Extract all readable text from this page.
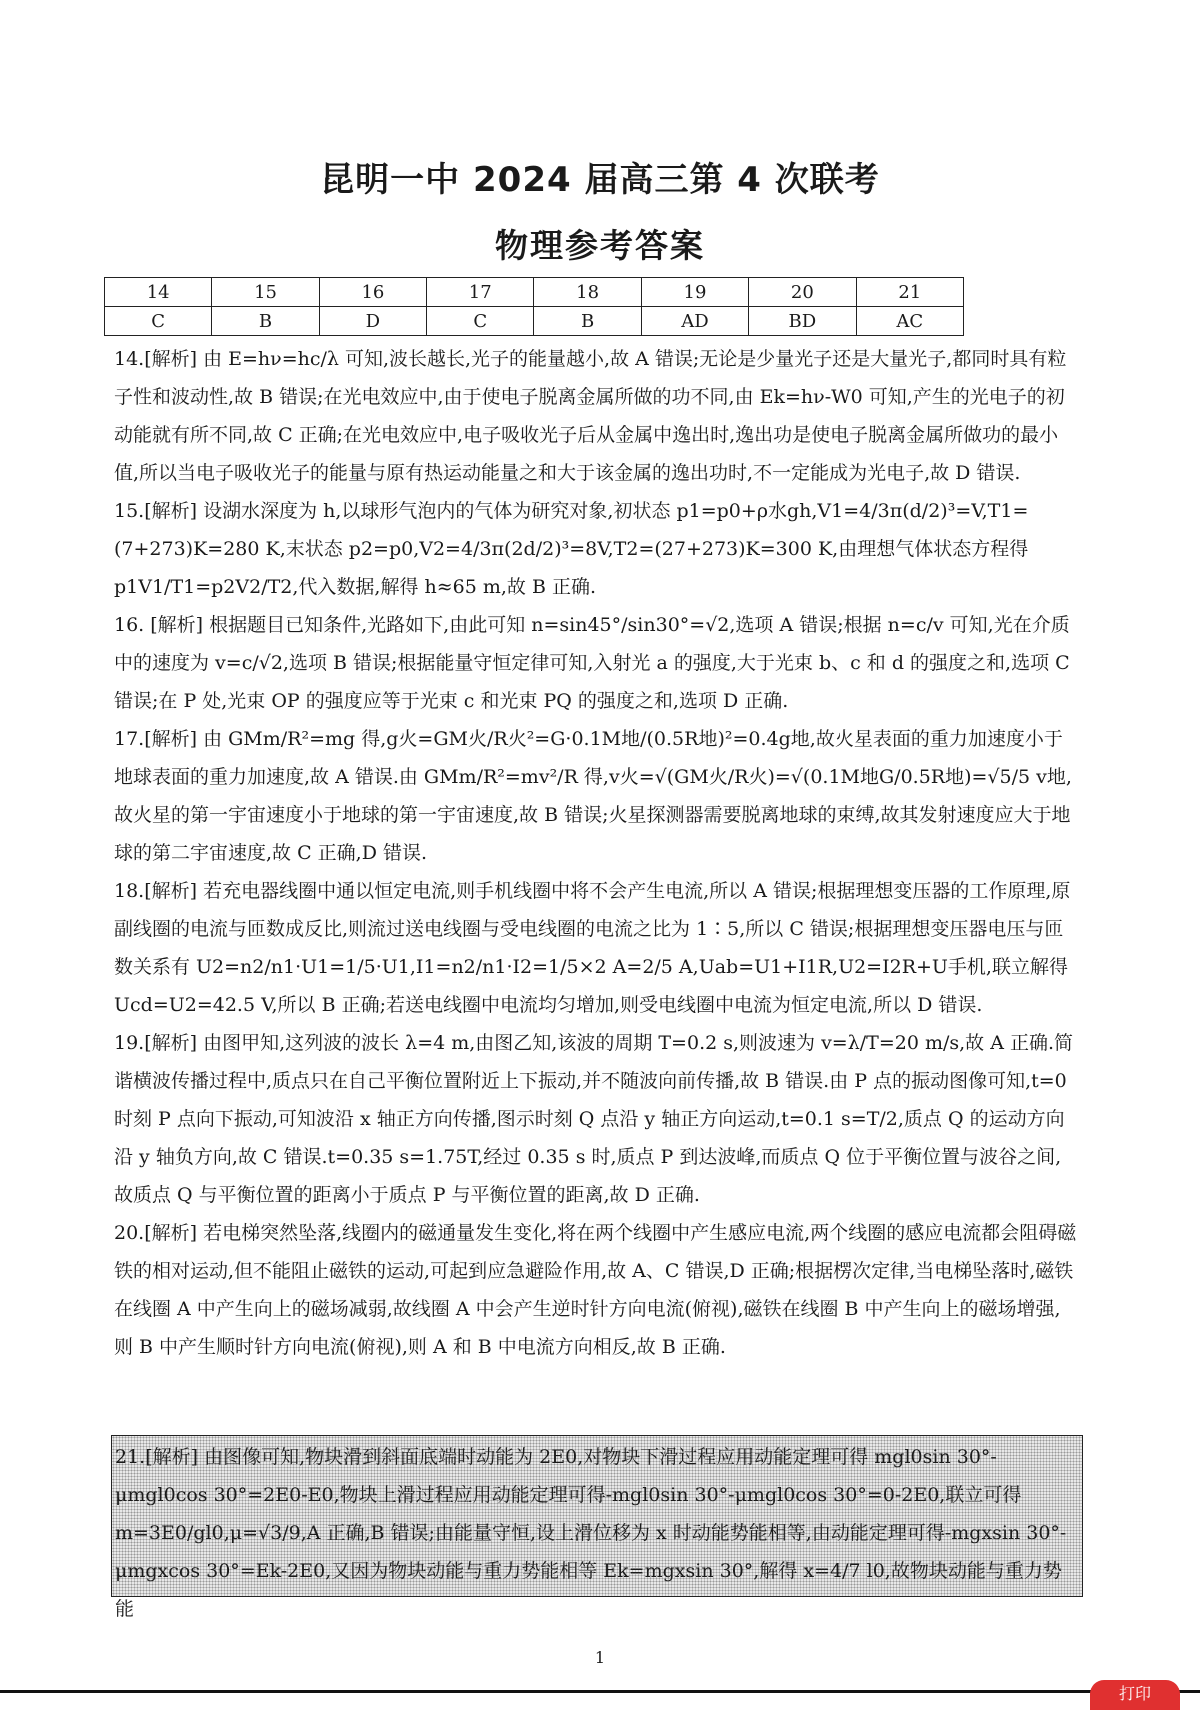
昆明一中 2024 届高三第 4 次联考
物理参考答案
14	15	16	17	18	19	20	21
C	B	D	C	B	AD	BD	AC

14.[解析] 由 E=hν=hc/λ 可知,波长越长,光子的能量越小,故 A 错误;无论是少量光子还是大量光子,都同时具有粒子性和波动性,故 B 错误;在光电效应中,由于使电子脱离金属所做的功不同,由 Ek=hν-W0 可知,产生的光电子的初动能就有所不同,故 C 正确;在光电效应中,电子吸收光子后从金属中逸出时,逸出功是使电子脱离金属所做功的最小值,所以当电子吸收光子的能量与原有热运动能量之和大于该金属的逸出功时,不一定能成为光电子,故 D 错误.

15.[解析] 设湖水深度为 h,以球形气泡内的气体为研究对象,初状态 p1=p0+ρ水gh,V1=4/3π(d/2)³=V,T1=(7+273)K=280 K,末状态 p2=p0,V2=4/3π(2d/2)³=8V,T2=(27+273)K=300 K,由理想气体状态方程得 p1V1/T1=p2V2/T2,代入数据,解得 h≈65 m,故 B 正确.

16. [解析] 根据题目已知条件,光路如下,由此可知 n=sin45°/sin30°=√2,选项 A 错误;根据 n=c/v 可知,光在介质中的速度为 v=c/√2,选项 B 错误;根据能量守恒定律可知,入射光 a 的强度,大于光束 b、c 和 d 的强度之和,选项 C 错误;在 P 处,光束 OP 的强度应等于光束 c 和光束 PQ 的强度之和,选项 D 正确.

17.[解析] 由 GMm/R²=mg 得,g火=GM火/R火²=G·0.1M地/(0.5R地)²=0.4g地,故火星表面的重力加速度小于地球表面的重力加速度,故 A 错误.由 GMm/R²=mv²/R 得,v火=√(GM火/R火)=√(0.1M地G/0.5R地)=√5/5 v地,故火星的第一宇宙速度小于地球的第一宇宙速度,故 B 错误;火星探测器需要脱离地球的束缚,故其发射速度应大于地球的第二宇宙速度,故 C 正确,D 错误.

18.[解析] 若充电器线圈中通以恒定电流,则手机线圈中将不会产生电流,所以 A 错误;根据理想变压器的工作原理,原副线圈的电流与匝数成反比,则流过送电线圈与受电线圈的电流之比为 1∶5,所以 C 错误;根据理想变压器电压与匝数关系有 U2=n2/n1·U1=1/5·U1,I1=n2/n1·I2=1/5×2 A=2/5 A,Uab=U1+I1R,U2=I2R+U手机,联立解得 Ucd=U2=42.5 V,所以 B 正确;若送电线圈中电流均匀增加,则受电线圈中电流为恒定电流,所以 D 错误.

19.[解析] 由图甲知,这列波的波长 λ=4 m,由图乙知,该波的周期 T=0.2 s,则波速为 v=λ/T=20 m/s,故 A 正确.简谐横波传播过程中,质点只在自己平衡位置附近上下振动,并不随波向前传播,故 B 错误.由 P 点的振动图像可知,t=0 时刻 P 点向下振动,可知波沿 x 轴正方向传播,图示时刻 Q 点沿 y 轴正方向运动,t=0.1 s=T/2,质点 Q 的运动方向沿 y 轴负方向,故 C 错误.t=0.35 s=1.75T,经过 0.35 s 时,质点 P 到达波峰,而质点 Q 位于平衡位置与波谷之间,故质点 Q 与平衡位置的距离小于质点 P 与平衡位置的距离,故 D 正确.

20.[解析] 若电梯突然坠落,线圈内的磁通量发生变化,将在两个线圈中产生感应电流,两个线圈的感应电流都会阻碍磁铁的相对运动,但不能阻止磁铁的运动,可起到应急避险作用,故 A、C 错误,D 正确;根据楞次定律,当电梯坠落时,磁铁在线圈 A 中产生向上的磁场减弱,故线圈 A 中会产生逆时针方向电流(俯视),磁铁在线圈 B 中产生向上的磁场增强,则 B 中产生顺时针方向电流(俯视),则 A 和 B 中电流方向相反,故 B 正确.

21.[解析] 由图像可知,物块滑到斜面底端时动能为 2E0,对物块下滑过程应用动能定理可得 mgl0sin 30°-μmgl0cos 30°=2E0-E0,物块上滑过程应用动能定理可得-mgl0sin 30°-μmgl0cos 30°=0-2E0,联立可得 m=3E0/gl0,μ=√3/9,A 正确,B 错误;由能量守恒,设上滑位移为 x 时动能势能相等,由动能定理可得-mgxsin 30°-μmgxcos 30°=Ek-2E0,又因为物块动能与重力势能相等 Ek=mgxsin 30°,解得 x=4/7 l0,故物块动能与重力势能

1
打印
